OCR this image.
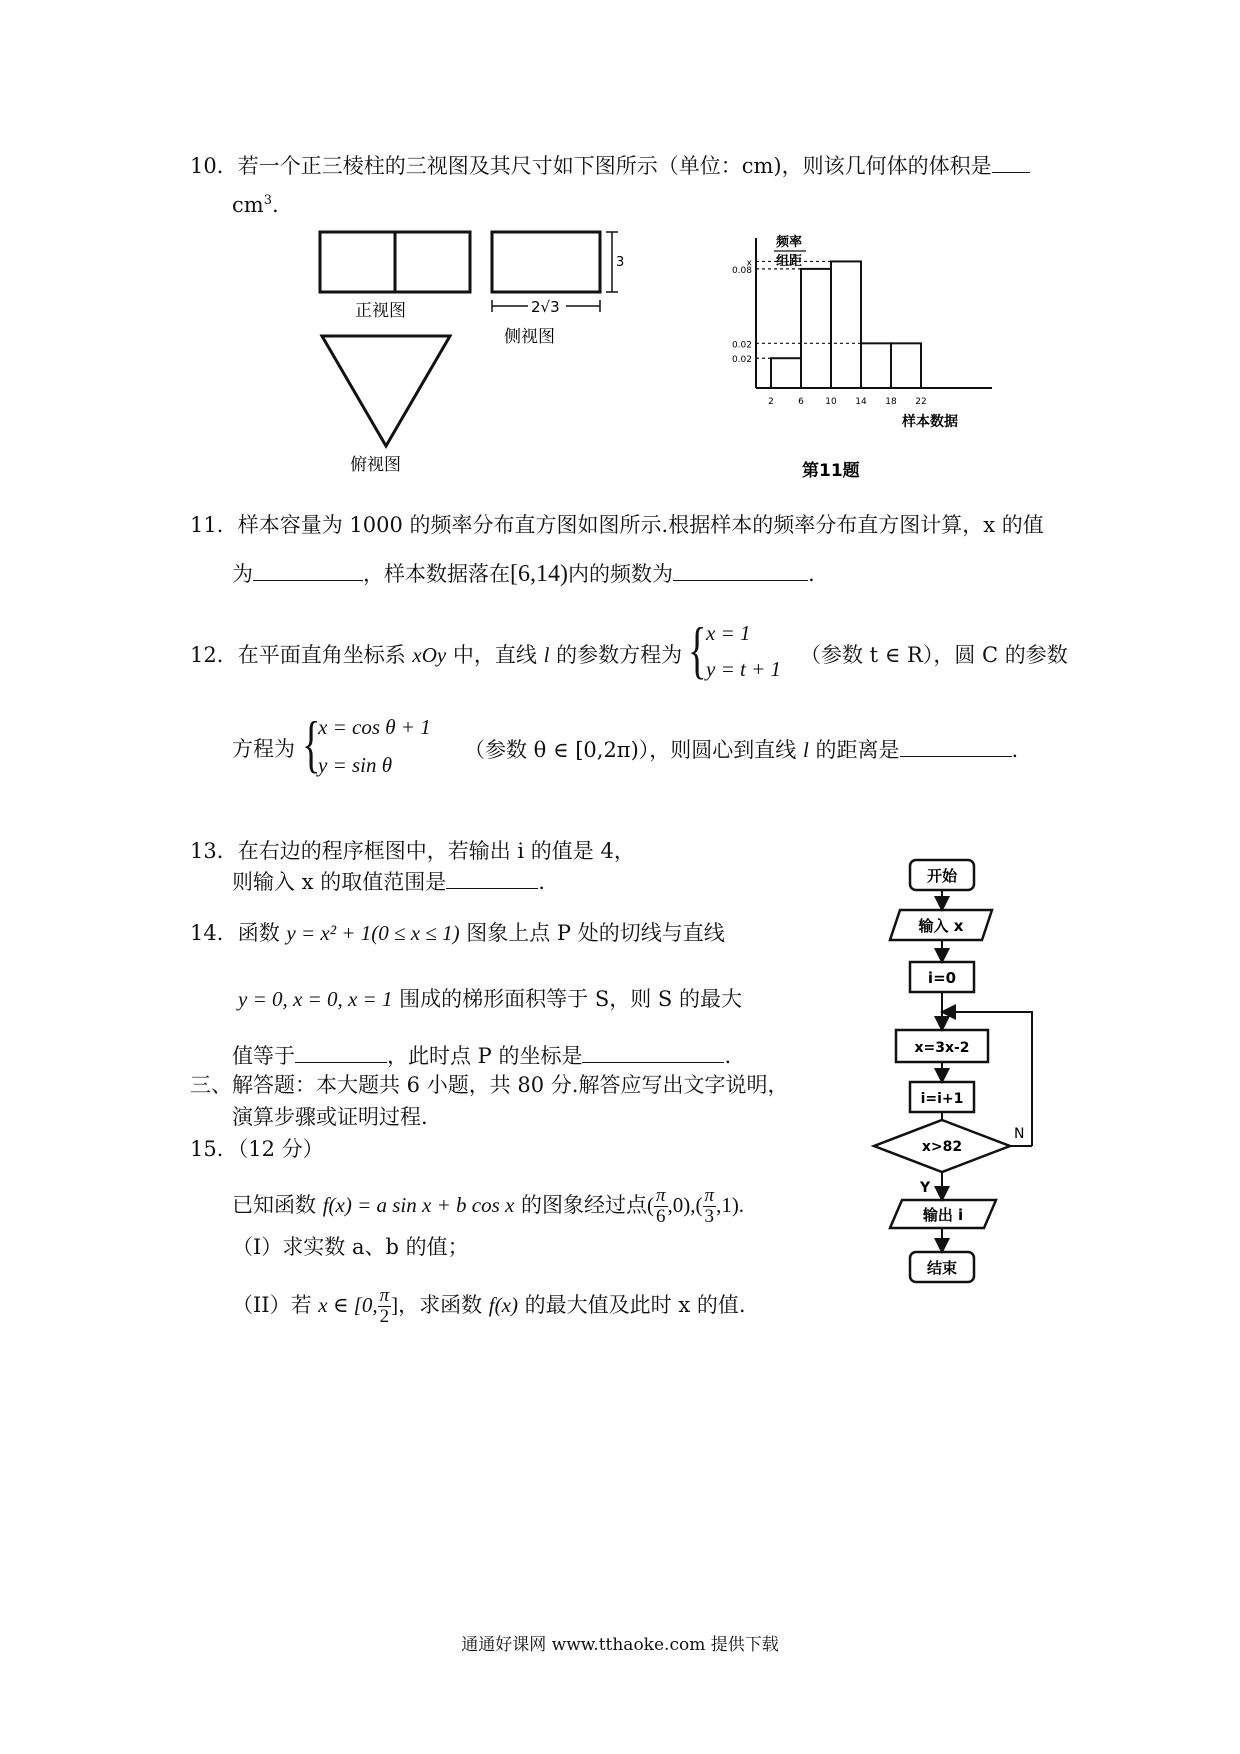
10．若一个正三棱柱的三视图及其尺寸如下图所示（单位：cm)，则该几何体的体积是
$cm^3$.
3
2√3
正视图
侧视图
俯视图
频率
组距
x
0.08
0.02
0.02
2	6 10 14 18 22
样本数据
第11题
11．样本容量为 1000 的频率分布直方图如图所示.根据样本的频率分布直方图计算，x 的值
为	，样本数据落在[6,14)内的频数为	.
12．在平面直角坐标系 xOy 中，直线 l 的参数方程为 { x = 1
y = t + 1
（参数 t ∈ R），圆 C 的参数
方程为 {
x = cos θ + 1
y = sin θ
（参数 θ ∈ [0,2π)），则圆心到直线 l 的距离是	.
13．在右边的程序框图中，若输出 i 的值是 4，
则输入 x 的取值范围是	.
14．函数 y = x² + 1(0 ≤ x ≤ 1) 图象上点 P 处的切线与直线
y = 0, x = 0, x = 1 围成的梯形面积等于 S，则 S 的最大
值等于	，此时点 P 的坐标是	.
三、解答题：本大题共 6 小题，共 80 分.解答应写出文字说明，
演算步骤或证明过程.
15．（12 分）
已知函数 f(x) = a sin x + b cos x 的图象经过点( $\frac{\pi}{6} ,0),( \frac{\pi}{3} ,1)$.
（I）求实数 a、b 的值；
（II）若 x ∈ [0, $\frac{\pi}{2}$ ]，求函数 f(x) 的最大值及此时 x 的值.
开始
输入 x
i=0
x=3x-2
i=i+1
x>82
N
Y
输出 i
结束
通通好课网 www.tthaoke.com 提供下载
